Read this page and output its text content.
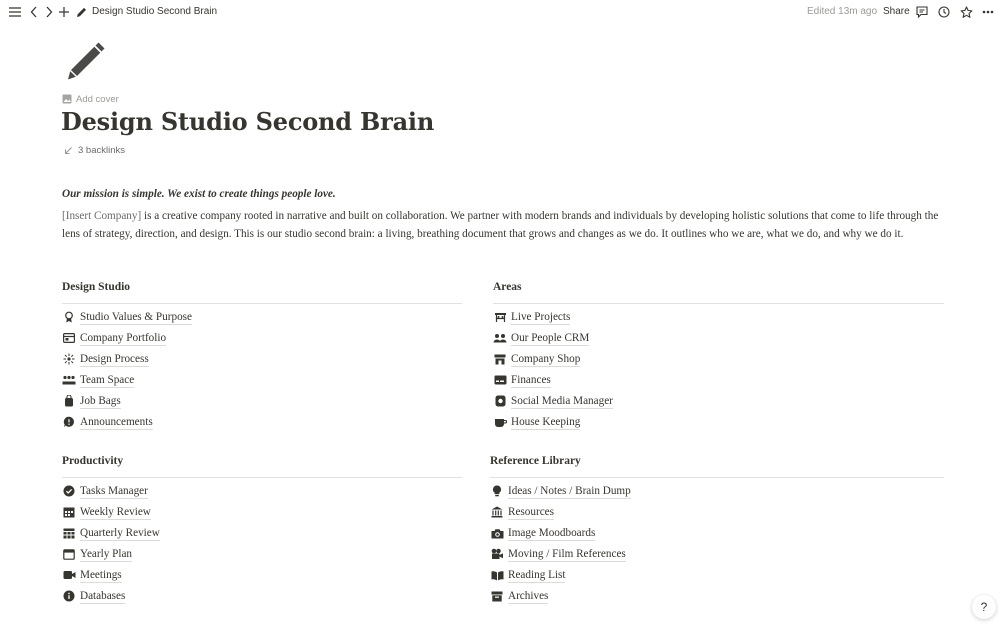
Design Studio Second Brain	Edited 13m ago Share
Add cover
Design Studio Second Brain
3 backlinks
Our mission is simple. We exist to create things people love.

[Insert Company] is a creative company rooted in narrative and built on collaboration. We partner with modern brands and individuals by developing holistic solutions that come to life through the lens of strategy, direction, and design. This is our studio second brain: a living, breathing document that grows and changes as we do. It outlines who we are, what we do, and why we do it.

Design Studio
Studio Values & Purpose
Company Portfolio
Design Process
Team Space
Job Bags
Announcements
Areas
Live Projects
Our People CRM
Company Shop
Finances
Social Media Manager
House Keeping
Productivity
Tasks Manager
Weekly Review
Quarterly Review
Yearly Plan
Meetings
Databases
Reference Library
Ideas / Notes / Brain Dump
Resources
Image Moodboards
Moving / Film References
Reading List
Archives
?
